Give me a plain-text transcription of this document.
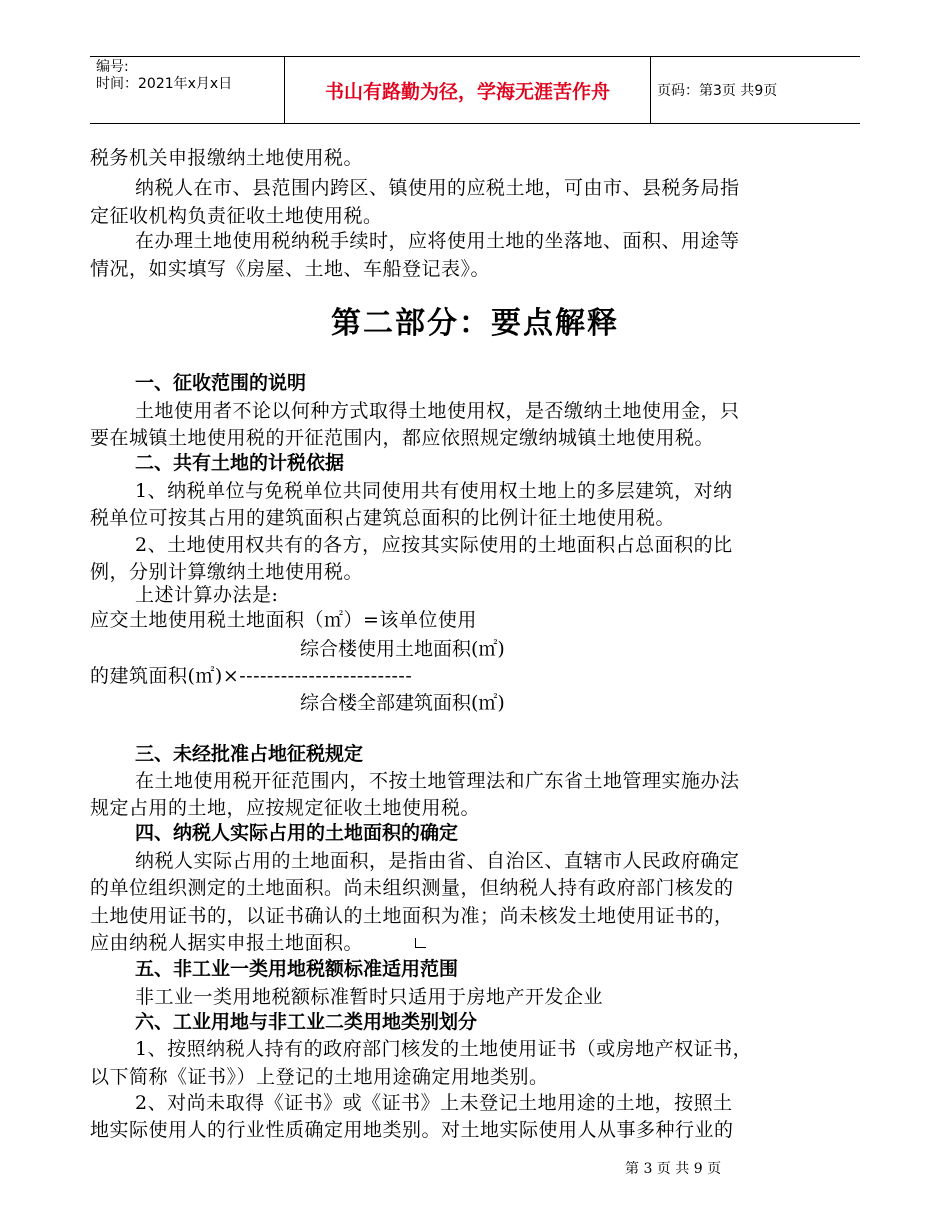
编号:
时间：2021年x月x日	书山有路勤为径，学海无涯苦作舟	页码：第3页 共9页
税务机关申报缴纳土地使用税。
纳税人在市、县范围内跨区、镇使用的应税土地，可由市、县税务局指
定征收机构负责征收土地使用税。
在办理土地使用税纳税手续时，应将使用土地的坐落地、面积、用途等
情况，如实填写《房屋、土地、车船登记表》。
第二部分：要点解释
一、征收范围的说明
土地使用者不论以何种方式取得土地使用权，是否缴纳土地使用金，只
要在城镇土地使用税的开征范围内，都应依照规定缴纳城镇土地使用税。
二、共有土地的计税依据
1、纳税单位与免税单位共同使用共有使用权土地上的多层建筑，对纳
税单位可按其占用的建筑面积占建筑总面积的比例计征土地使用税。
2、土地使用权共有的各方，应按其实际使用的土地面积占总面积的比
例，分别计算缴纳土地使用税。
上述计算办法是:
应交土地使用税土地面积（㎡）=该单位使用
综合楼使用土地面积(㎡)
的建筑面积(㎡)×-------------------------
综合楼全部建筑面积(㎡)
三、未经批准占地征税规定
在土地使用税开征范围内，不按土地管理法和广东省土地管理实施办法
规定占用的土地，应按规定征收土地使用税。
四、纳税人实际占用的土地面积的确定
纳税人实际占用的土地面积，是指由省、自治区、直辖市人民政府确定
的单位组织测定的土地面积。尚未组织测量，但纳税人持有政府部门核发的
土地使用证书的，以证书确认的土地面积为准；尚未核发土地使用证书的，
应由纳税人据实申报土地面积。
五、非工业一类用地税额标准适用范围
非工业一类用地税额标准暂时只适用于房地产开发企业
六、工业用地与非工业二类用地类别划分
1、按照纳税人持有的政府部门核发的土地使用证书（或房地产权证书，
以下简称《证书》）上登记的土地用途确定用地类别。
2、对尚未取得《证书》或《证书》上未登记土地用途的土地，按照土
地实际使用人的行业性质确定用地类别。对土地实际使用人从事多种行业的
第 3 页 共 9 页
